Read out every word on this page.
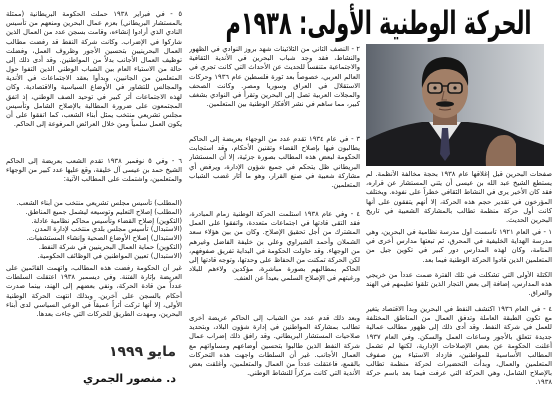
الحركة الوطنية الأولى: ١٩٣٨م
٥ - في فبراير ١٩٣٨ حملت الحكومة البريطانية (ممثلة بالمستشار البريطاني) بعزم عمال البحرين ومنعهم من تأسيس النادي الذي أرادوا إنشاءه، وقامت بسجن عدد من العمال الذين شاركوا في الإضراب. وكانت شركة النفط قد رفضت مطالب العمال البحرينيين بتحسين الأجور وظروف العمل، وفضلت توظيف العمال الأجانب بدلاً من المواطنين. وقد أدى ذلك إلى حالة من الاستياء العام بين الشباب الوطني الذين التفوا حول المتعلمين من الجانبين، وبدأوا بعقد الاجتماعات في الأندية والمجالس للتشاور في الأوضاع السياسية والاقتصادية. وكان لهذه الاجتماعات أثر كبير في توحيد الصف الوطني، إذ اتفق المجتمعون على ضرورة المطالبة بالإصلاح الشامل وتأسيس مجلس تشريعي منتخب يمثل أبناء الشعب، كما اتفقوا على أن يكون العمل سلمياً ومن خلال العرائض المرفوعة إلى الحاكم.
٦ - وفي ٥ نوفمبر ١٩٣٨ تقدم الشعب بعريضة إلى الحاكم الشيخ حمد بن عيسى آل خليفة، وقع عليها عدد كبير من الوجهاء والمتعلمين، واشتملت على المطالب الآتية:
(المطلب) تأسيس مجلس تشريعي منتخب من أبناء الشعب.
(المطلب) إصلاح التعليم وتوسيعه ليشمل جميع المناطق.
(التكوين) إصلاح القضاء وتأسيس محاكم نظامية عادلة.
(الاستبدال) تأسيس مجلس بلدي منتخب لإدارة المدن.
(الاستبدال) إصلاح الأوضاع الصحية وإنشاء المستشفيات.
(التكوين) حماية العمال البحرينيين في شركة النفط.
(الاستبدال) تعيين المواطنين في الوظائف الحكومية.
غير أن الحكومة رفضت هذه المطالب، واتهمت القائمين على العريضة بإثارة الفتنة. وفي ديسمبر ١٩٣٨ اعتقلت السلطات عدداً من قادة الحركة، ونفي بعضهم إلى الهند، بينما صدرت أحكام بالسجن على آخرين. وبذلك انتهت الحركة الوطنية الأولى، إلا أنها تركت أثراً عميقاً في الوعي السياسي لدى أبناء البحرين، ومهدت الطريق للحركات التي جاءت بعدها.
مايو ١٩٩٩
د. منصور الجمري
٢ - النصف الثاني من الثلاثينات شهد بروز النوادي في الظهور والنشاط، فقد وجد شباب البحرين في الأندية الثقافية والاجتماعية متنفساً للحديث عن الأحداث التي كانت تجري في العالم العربي، خصوصاً بعد ثورة فلسطين عام ١٩٣٦ وحركات الاستقلال في العراق وسوريا ومصر. وكانت الصحف والمجلات العربية تصل إلى البحرين وتقرأ في النوادي بشغف كبير، مما ساهم في نشر الأفكار الوطنية بين المتعلمين.
٣ - في عام ١٩٣٤ تقدم عدد من الوجهاء بعريضة إلى الحاكم يطالبون فيها بإصلاح القضاء وتقنين الأحكام، وقد استجابت الحكومة لبعض هذه المطالب بصورة جزئية، إلا أن المستشار البريطاني ظل يتحكم في جميع شؤون الإدارة، ويرفض أي مشاركة شعبية في صنع القرار، وهو ما أثار غضب الشباب المتعلمين.
٤ - وفي عام ١٩٣٨ استلمت الحركة الوطنية زمام المبادرة، فقد التقى قادتها في اجتماعات متعددة، واتفقوا على العمل المشترك من أجل تحقيق الإصلاح. وكان من بين هؤلاء سعد الشملان وأحمد الشيراوي وعلي بن خليفة الفاضل وغيرهم من الوجهاء. وقد حاولت الحكومة في البداية تفريق صفوفهم، لكن الحركة تمكنت من الحفاظ على وحدتها، وتوجه قادتها إلى الحاكم بمطالبهم بصورة مباشرة، مؤكدين ولاءهم للبلاد ورغبتهم في الإصلاح السلمي بعيداً عن العنف.
وبعد ذلك قدم عدد من الشباب إلى الحاكم عريضة أخرى تطالب بمشاركة المواطنين في إدارة شؤون البلاد، وبتحديد صلاحيات المستشار البريطاني. وقد رافق ذلك إضراب عمال شركة النفط الذين طالبوا بتحسين أوضاعهم ومساواتهم مع العمال الأجانب. غير أن السلطات واجهت هذه التحركات بالقمع، فاعتقلت عدداً من العمال والمتعلمين، وأغلقت بعض الأندية التي كانت مركزاً للنشاط الوطني.
صفحات البحرين قبل إغلاقها عام ١٩٣٨ بحجة مخالفة الأنظمة. لم يستطع الشيخ عبد الله بن عيسى أن يثني المستشار عن قراره، فقد كان الأخير يرى في النشاط الثقافي خطراً على نفوذه. ويختلف المؤرخون في تقدير حجم هذه الحركة، إلا أنهم يتفقون على أنها كانت أول حركة منظمة تطالب بالمشاركة الشعبية في تاريخ البحرين الحديث.
١ - في العام ١٩٢١ تأسست أول مدرسة نظامية في البحرين، وهي مدرسة الهداية الخليفية في المحرق، ثم تبعتها مدارس أخرى في المنامة، وكان لهذه المدارس دور كبير في تكوين جيل من المتعلمين الذين قادوا الحركة الوطنية فيما بعد.
الكتلة الأولى التي تشكلت في تلك الفترة ضمت عدداً من خريجي هذه المدارس، إضافة إلى بعض التجار الذين تلقوا تعليمهم في الهند والعراق.
٤ - في العام ١٩٣٦ اكتشف النفط في البحرين وبدأ الاقتصاد يتغير مع تكون الطبقة العاملة وتدفق العمال من المناطق المختلفة للعمل في شركة النفط. وقد أدى ذلك إلى ظهور مطالب عمالية جديدة تتعلق بالأجور وساعات العمل والسكن. وفي العام ١٩٣٧ أعلنت الحكومة عن بعض الإصلاحات الإدارية، لكنها لم تشمل المطالب الأساسية للمواطنين، فازداد الاستياء بين صفوف المتعلمين والعمال، وبدأت التحضيرات لحركة منظمة تطالب بالإصلاح الشامل، وهي الحركة التي عرفت فيما بعد باسم حركة ١٩٣٨.
